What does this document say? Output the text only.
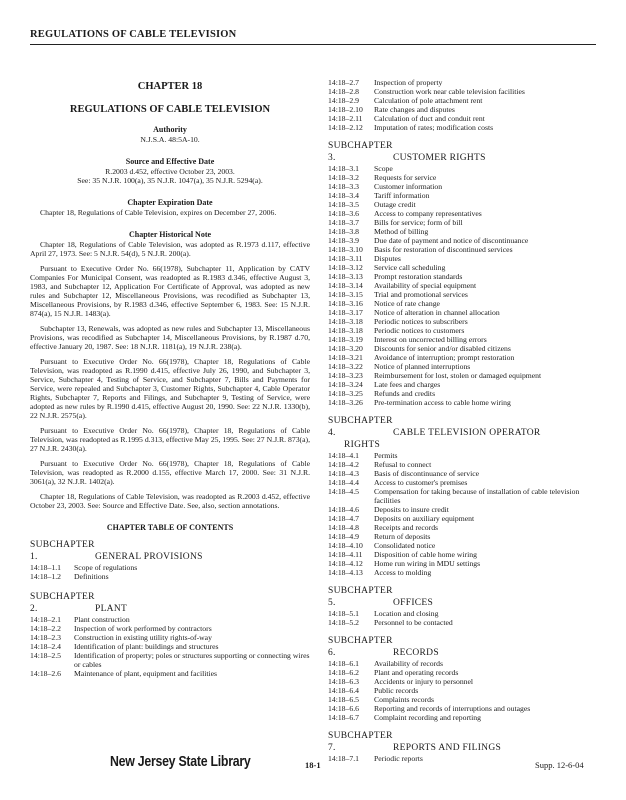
REGULATIONS OF CABLE TELEVISION
CHAPTER 18
REGULATIONS OF CABLE TELEVISION
Authority
N.J.S.A. 48:5A-10.
Source and Effective Date
R.2003 d.452, effective October 23, 2003.
See: 35 N.J.R. 100(a), 35 N.J.R. 1047(a), 35 N.J.R. 5294(a).
Chapter Expiration Date

Chapter 18, Regulations of Cable Television, expires on December 27, 2006.

Chapter Historical Note

Chapter 18, Regulations of Cable Television, was adopted as R.1973 d.117, effective April 27, 1973. See: 5 N.J.R. 54(d), 5 N.J.R. 200(a).

Pursuant to Executive Order No. 66(1978), Subchapter 11, Application by CATV Companies For Municipal Consent, was readopted as R.1983 d.346, effective August 3, 1983, and Subchapter 12, Application For Certificate of Approval, was adopted as new rules and Subchapter 12, Miscellaneous Provisions, was recodified as Subchapter 13, Miscellaneous Provisions, by R.1983 d.346, effective September 6, 1983. See: 15 N.J.R. 874(a), 15 N.J.R. 1483(a).

Subchapter 13, Renewals, was adopted as new rules and Subchapter 13, Miscellaneous Provisions, was recodified as Subchapter 14, Miscellaneous Provisions, by R.1987 d.70, effective January 20, 1987. See: 18 N.J.R. 1181(a), 19 N.J.R. 238(a).

Pursuant to Executive Order No. 66(1978), Chapter 18, Regulations of Cable Television, was readopted as R.1990 d.415, effective July 26, 1990, and Subchapter 3, Service, Subchapter 4, Testing of Service, and Subchapter 7, Bills and Payments for Service, were repealed and Subchapter 3, Customer Rights, Subchapter 4, Cable Operator Rights, Subchapter 7, Reports and Filings, and Subchapter 9, Testing of Service, were adopted as new rules by R.1990 d.415, effective August 20, 1990. See: 22 N.J.R. 1330(b), 22 N.J.R. 2575(a).

Pursuant to Executive Order No. 66(1978), Chapter 18, Regulations of Cable Television, was readopted as R.1995 d.313, effective May 25, 1995. See: 27 N.J.R. 873(a), 27 N.J.R. 2430(a).

Pursuant to Executive Order No. 66(1978), Chapter 18, Regulations of Cable Television, was readopted as R.2000 d.155, effective March 17, 2000. See: 31 N.J.R. 3061(a), 32 N.J.R. 1402(a).

Chapter 18, Regulations of Cable Television, was readopted as R.2003 d.452, effective October 23, 2003. See: Source and Effective Date. See, also, section annotations.

CHAPTER TABLE OF CONTENTS
SUBCHAPTER 1.	GENERAL PROVISIONS
14:18–1.1	Scope of regulations
14:18–1.2	Definitions
SUBCHAPTER 2.	PLANT
14:18–2.1	Plant construction
14:18–2.2	Inspection of work performed by contractors
14:18–2.3	Construction in existing utility rights-of-way
14:18–2.4	Identification of plant: buildings and structures
14:18–2.5	Identification of property; poles or structures supporting or connecting wires or cables
14:18–2.6	Maintenance of plant, equipment and facilities
14:18–2.7	Inspection of property
14:18–2.8	Construction work near cable television facilities
14:18–2.9	Calculation of pole attachment rent
14:18–2.10	Rate changes and disputes
14:18–2.11	Calculation of duct and conduit rent
14:18–2.12	Imputation of rates; modification costs
SUBCHAPTER 3.	CUSTOMER RIGHTS
14:18–3.1	Scope
14:18–3.2	Requests for service
14:18–3.3	Customer information
14:18–3.4	Tariff information
14:18–3.5	Outage credit
14:18–3.6	Access to company representatives
14:18–3.7	Bills for service; form of bill
14:18–3.8	Method of billing
14:18–3.9	Due date of payment and notice of discontinuance
14:18–3.10	Basis for restoration of discontinued services
14:18–3.11	Disputes
14:18–3.12	Service call scheduling
14:18–3.13	Prompt restoration standards
14:18–3.14	Availability of special equipment
14:18–3.15	Trial and promotional services
14:18–3.16	Notice of rate change
14:18–3.17	Notice of alteration in channel allocation
14:18–3.18	Periodic notices to subscribers
14:18–3.18	Periodic notices to customers
14:18–3.19	Interest on uncorrected billing errors
14:18–3.20	Discounts for senior and/or disabled citizens
14:18–3.21	Avoidance of interruption; prompt restoration
14:18–3.22	Notice of planned interruptions
14:18–3.23	Reimbursement for lost, stolen or damaged equipment
14:18–3.24	Late fees and charges
14:18–3.25	Refunds and credits
14:18–3.26	Pre-termination access to cable home wiring
SUBCHAPTER 4.	CABLE TELEVISION OPERATOR
RIGHTS
14:18–4.1	Permits
14:18–4.2	Refusal to connect
14:18–4.3	Basis of discontinuance of service
14:18–4.4	Access to customer's premises
14:18–4.5	Compensation for taking because of installation of cable television facilities
14:18–4.6	Deposits to insure credit
14:18–4.7	Deposits on auxiliary equipment
14:18–4.8	Receipts and records
14:18–4.9	Return of deposits
14:18–4.10	Consolidated notice
14:18–4.11	Disposition of cable home wiring
14:18–4.12	Home run wiring in MDU settings
14:18–4.13	Access to molding
SUBCHAPTER 5.	OFFICES
14:18–5.1	Location and closing
14:18–5.2	Personnel to be contacted
SUBCHAPTER 6.	RECORDS
14:18–6.1	Availability of records
14:18–6.2	Plant and operating records
14:18–6.3	Accidents or injury to personnel
14:18–6.4	Public records
14:18–6.5	Complaints records
14:18–6.6	Reporting and records of interruptions and outages
14:18–6.7	Complaint recording and reporting
SUBCHAPTER 7.	REPORTS AND FILINGS
14:18–7.1	Periodic reports
New Jersey State Library	18-1	Supp. 12-6-04
